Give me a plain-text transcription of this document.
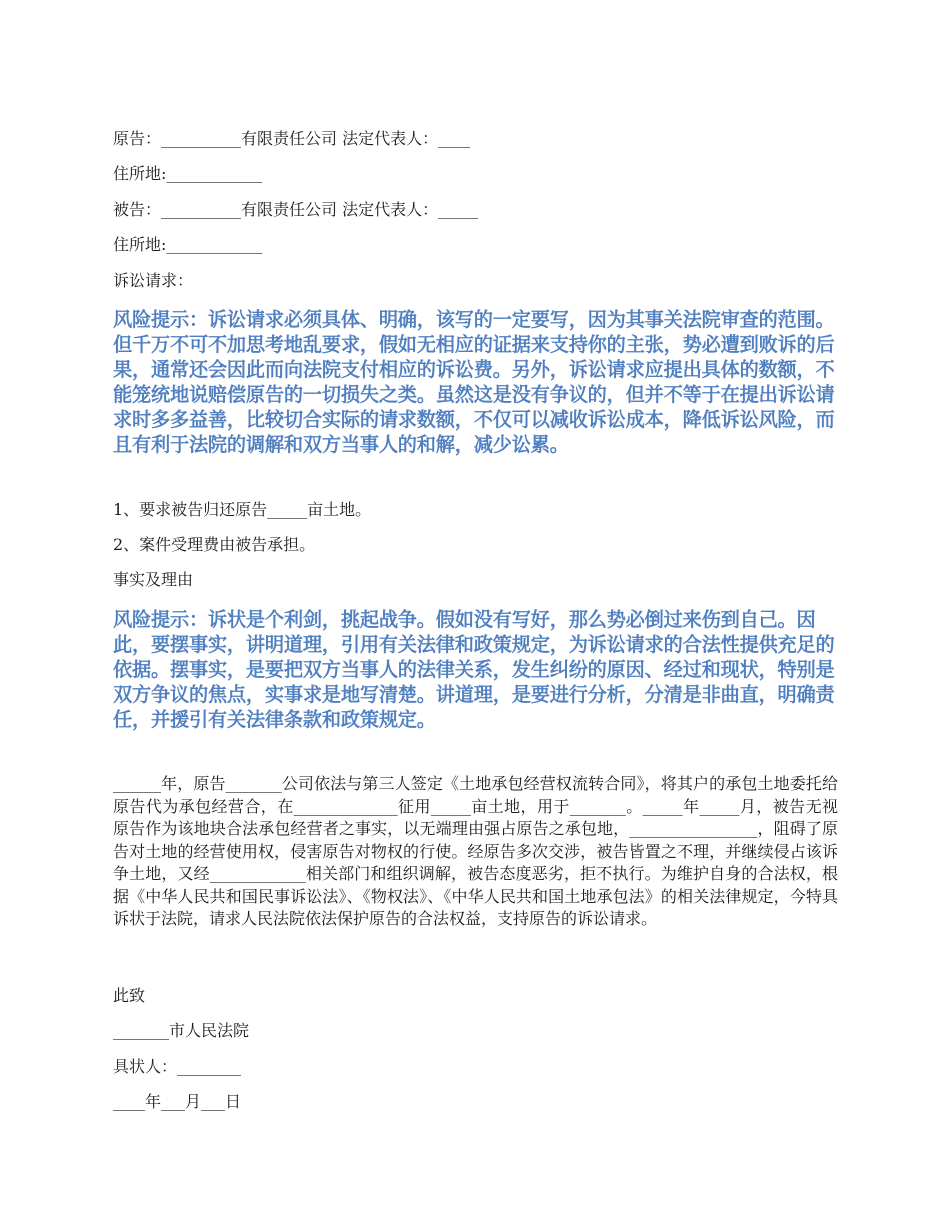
原告：__________有限责任公司 法定代表人：____
住所地:____________
被告：__________有限责任公司 法定代表人：_____
住所地:____________
诉讼请求：
风险提示：诉讼请求必须具体、明确，该写的一定要写，因为其事关法院审查的范围。但千万不可不加思考地乱要求，假如无相应的证据来支持你的主张，势必遭到败诉的后果，通常还会因此而向法院支付相应的诉讼费。另外，诉讼请求应提出具体的数额，不能笼统地说赔偿原告的一切损失之类。虽然这是没有争议的，但并不等于在提出诉讼请求时多多益善，比较切合实际的请求数额，不仅可以减收诉讼成本，降低诉讼风险，而且有利于法院的调解和双方当事人的和解，减少讼累。
1、要求被告归还原告_____亩土地。
2、案件受理费由被告承担。
事实及理由
风险提示：诉状是个利剑，挑起战争。假如没有写好，那么势必倒过来伤到自己。因此，要摆事实，讲明道理，引用有关法律和政策规定，为诉讼请求的合法性提供充足的依据。摆事实，是要把双方当事人的法律关系，发生纠纷的原因、经过和现状，特别是双方争议的焦点，实事求是地写清楚。讲道理，是要进行分析，分清是非曲直，明确责任，并援引有关法律条款和政策规定。
______年，原告_______公司依法与第三人签定《土地承包经营权流转合同》，将其户的承包土地委托给原告代为承包经营合，在_____________征用_____亩土地，用于_______。_____年_____月，被告无视原告作为该地块合法承包经营者之事实，以无端理由强占原告之承包地，________________，阻碍了原告对土地的经营使用权，侵害原告对物权的行使。经原告多次交涉，被告皆置之不理，并继续侵占该诉争土地，又经____________相关部门和组织调解，被告态度恶劣，拒不执行。为维护自身的合法权，根据《中华人民共和国民事诉讼法》、《物权法》、《中华人民共和国土地承包法》的相关法律规定，今特具诉状于法院，请求人民法院依法保护原告的合法权益，支持原告的诉讼请求。
此致
_______市人民法院
具状人：________
____年___月___日
